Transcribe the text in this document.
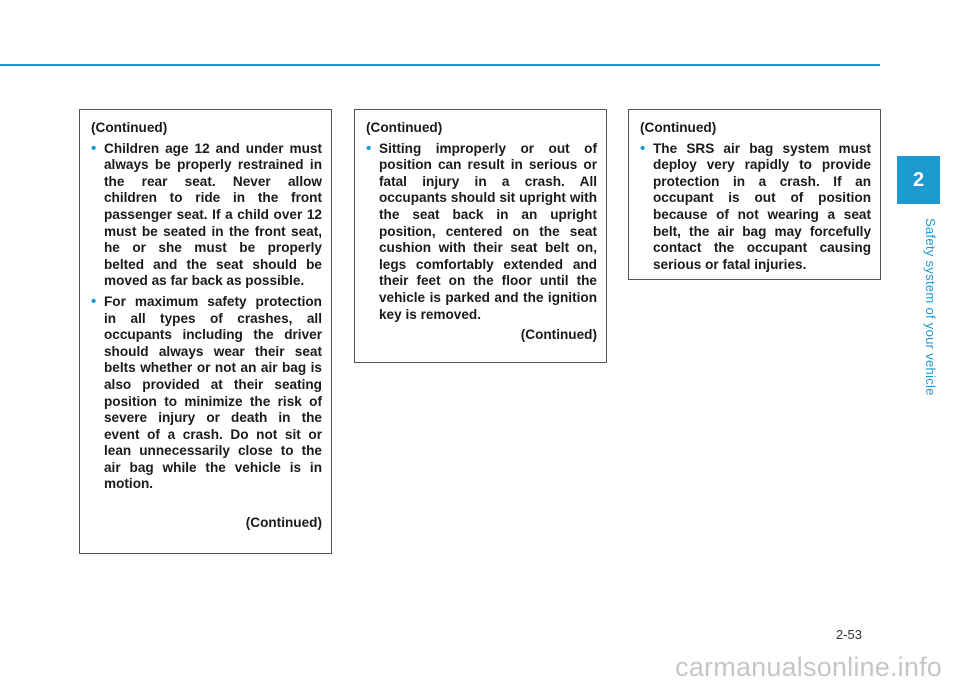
2
Safety system of your vehicle
(Continued)
• Children age 12 and under must always be properly restrained in the rear seat. Never allow children to ride in the front passenger seat. If a child over 12 must be seated in the front seat, he or she must be properly belted and the seat should be moved as far back as possible.
• For maximum safety protection in all types of crashes, all occupants including the driver should always wear their seat belts whether or not an air bag is also provided at their seating position to minimize the risk of severe injury or death in the event of a crash. Do not sit or lean unnecessarily close to the air bag while the vehicle is in motion.
(Continued)
(Continued)
• Sitting improperly or out of position can result in serious or fatal injury in a crash. All occupants should sit upright with the seat back in an upright position, centered on the seat cushion with their seat belt on, legs comfortably extended and their feet on the floor until the vehicle is parked and the ignition key is removed.
(Continued)
(Continued)
• The SRS air bag system must deploy very rapidly to provide protection in a crash. If an occupant is out of position because of not wearing a seat belt, the air bag may forcefully contact the occupant causing serious or fatal injuries.
2-53
carmanualsonline.info
